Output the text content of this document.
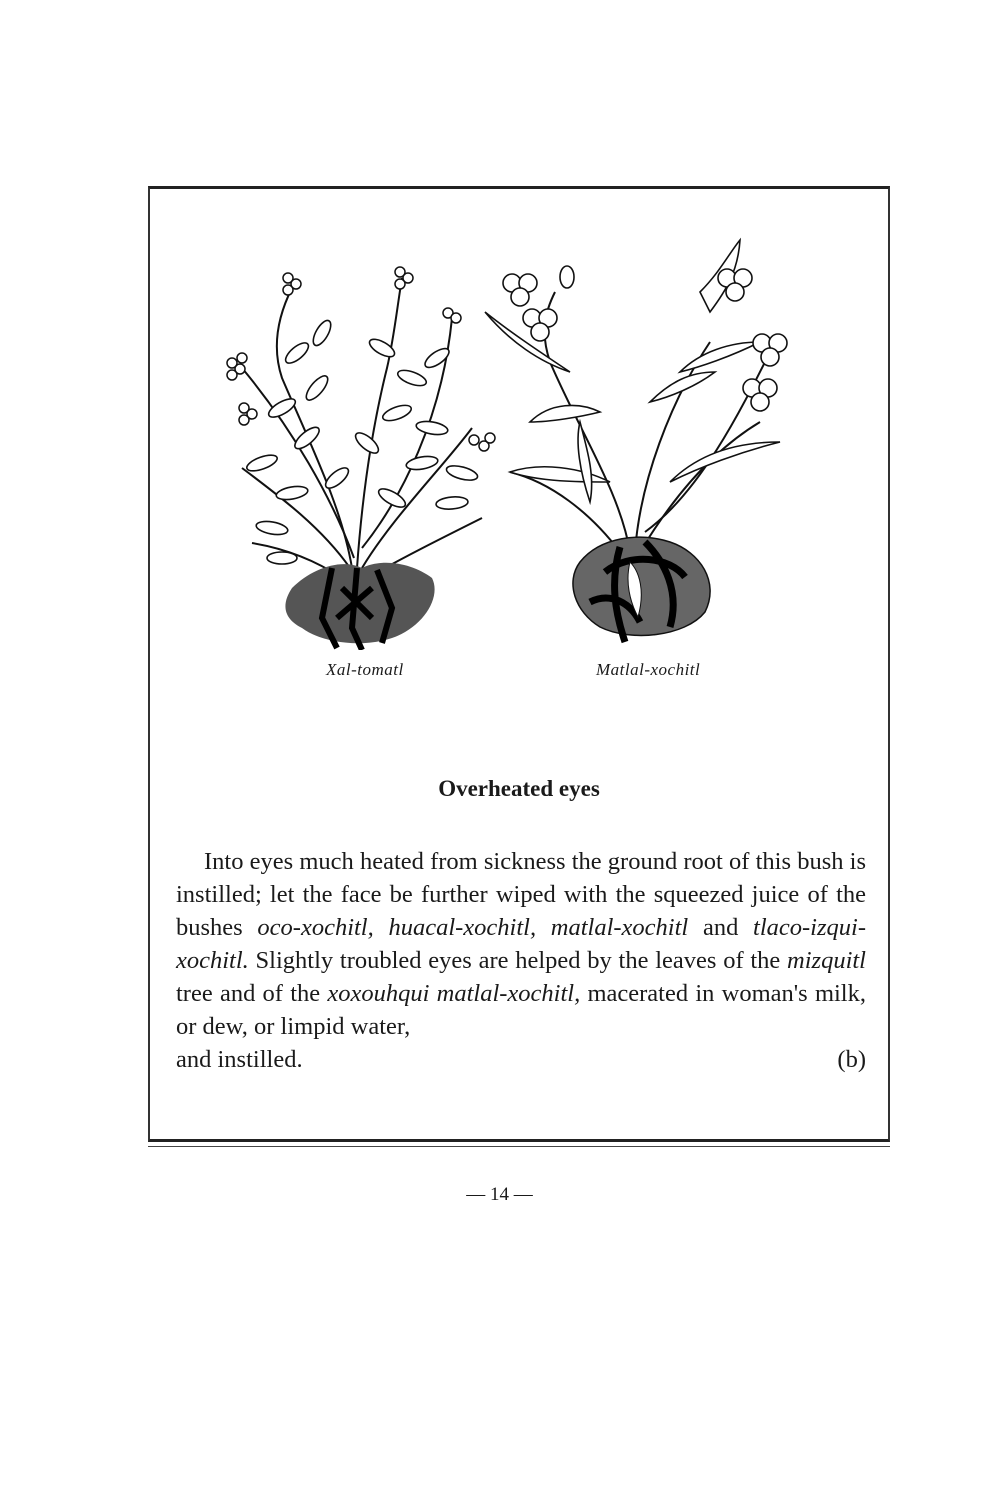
Xal-tomatl	Matlal-xochitl
Overheated eyes

Into eyes much heated from sickness the ground root of this bush is instilled; let the face be further wiped with the squeezed juice of the bushes oco-xochitl, huacal-xochitl, matlal-xochitl and tlaco-izqui-xochitl. Slightly troubled eyes are helped by the leaves of the mizquitl tree and of the xoxouhqui matlal-xochitl, macerated in woman's milk, or dew, or limpid water,

and instilled.	(b)
— 14 —
